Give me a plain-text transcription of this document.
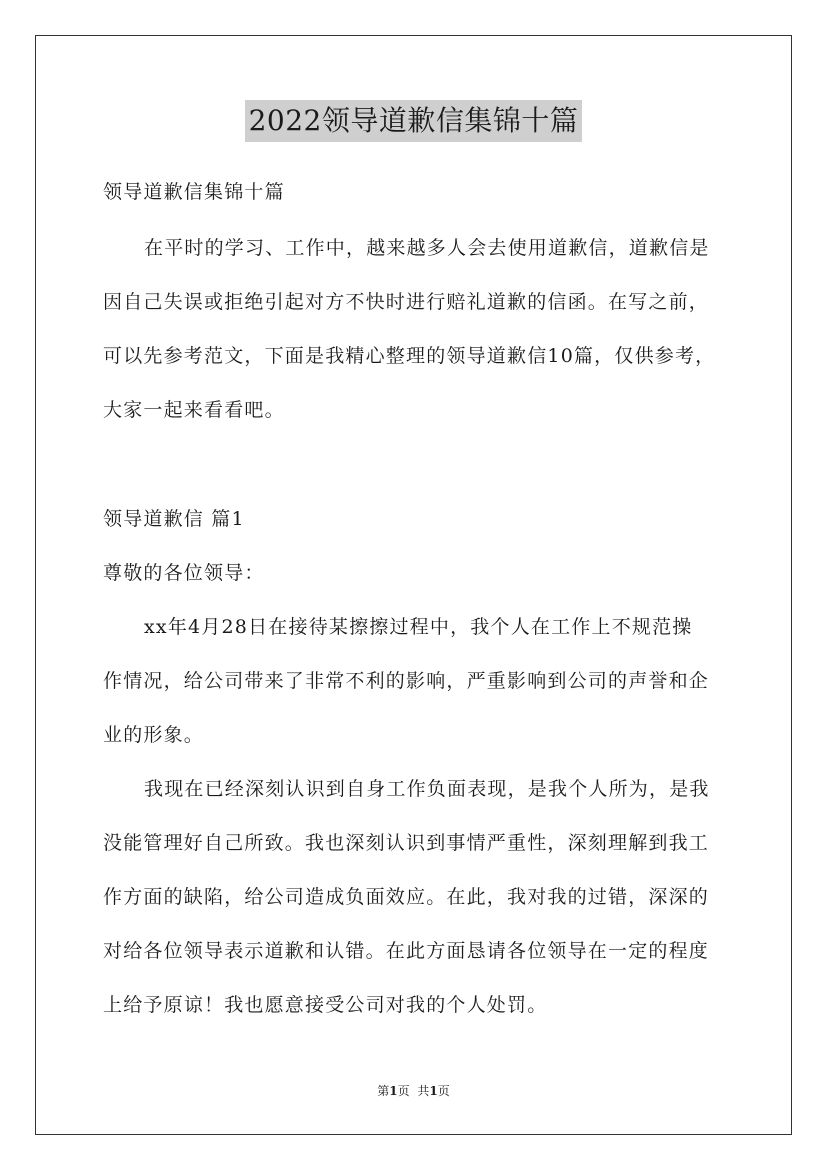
2022领导道歉信集锦十篇
领导道歉信集锦十篇
在平时的学习、工作中，越来越多人会去使用道歉信，道歉信是
因自己失误或拒绝引起对方不快时进行赔礼道歉的信函。在写之前，
可以先参考范文，下面是我精心整理的领导道歉信10篇，仅供参考，
大家一起来看看吧。
领导道歉信 篇1
尊敬的各位领导：
xx年4月28日在接待某擦擦过程中，我个人在工作上不规范操
作情况，给公司带来了非常不利的影响，严重影响到公司的声誉和企
业的形象。
我现在已经深刻认识到自身工作负面表现，是我个人所为，是我
没能管理好自己所致。我也深刻认识到事情严重性，深刻理解到我工
作方面的缺陷，给公司造成负面效应。在此，我对我的过错，深深的
对给各位领导表示道歉和认错。在此方面恳请各位领导在一定的程度
上给予原谅！我也愿意接受公司对我的个人处罚。
第1页 共1页
